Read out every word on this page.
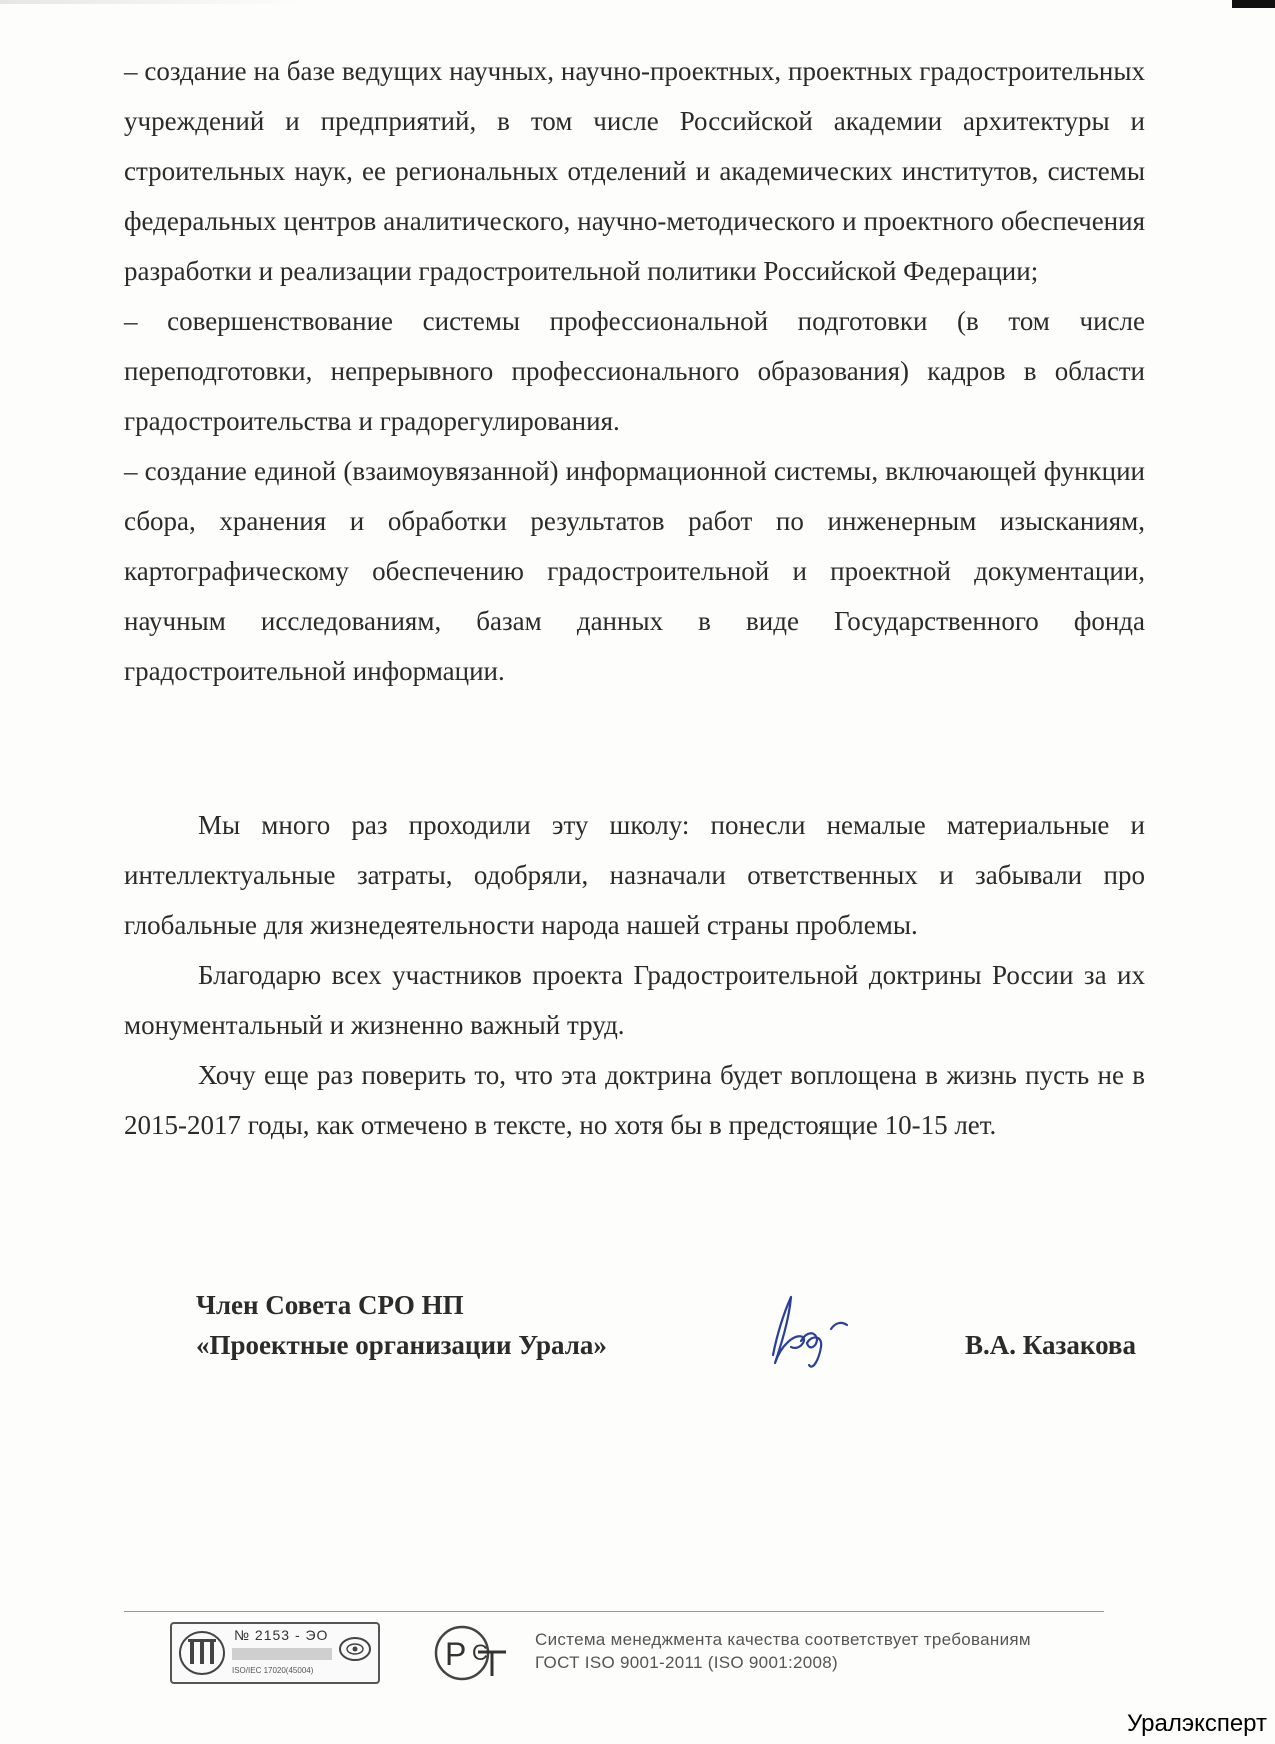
– создание на базе ведущих научных, научно-проектных, проектных градостроительных учреждений и предприятий, в том числе Российской академии архитектуры и строительных наук, ее региональных отделений и академических институтов, системы федеральных центров аналитического, научно-методического и проектного обеспечения разработки и реализации градостроительной политики Российской Федерации;

– совершенствование системы профессиональной подготовки (в том числе переподготовки, непрерывного профессионального образования) кадров в области градостроительства и градорегулирования.

– создание единой (взаимоувязанной) информационной системы, включающей функции сбора, хранения и обработки результатов работ по инженерным изысканиям, картографическому обеспечению градостроительной и проектной документации, научным исследованиям, базам данных в виде Государственного фонда градостроительной информации.

Мы много раз проходили эту школу: понесли немалые материальные и интеллектуальные затраты, одобряли, назначали ответственных и забывали про глобальные для жизнедеятельности народа нашей страны проблемы.

Благодарю всех участников проекта Градостроительной доктрины России за их монументальный и жизненно важный труд.

Хочу еще раз поверить то, что эта доктрина будет воплощена в жизнь пусть не в 2015-2017 годы, как отмечено в тексте, но хотя бы в предстоящие 10-15 лет.

Член Совета СРО НП
«Проектные организации Урала»	В.А. Казакова
№ 2153 - ЭО
ISO/IEC 17020(45004)	Р С
Система менеджмента качества соответствует требованиям
ГОСТ ISO 9001-2011 (ISO 9001:2008)
Уралэксперт
